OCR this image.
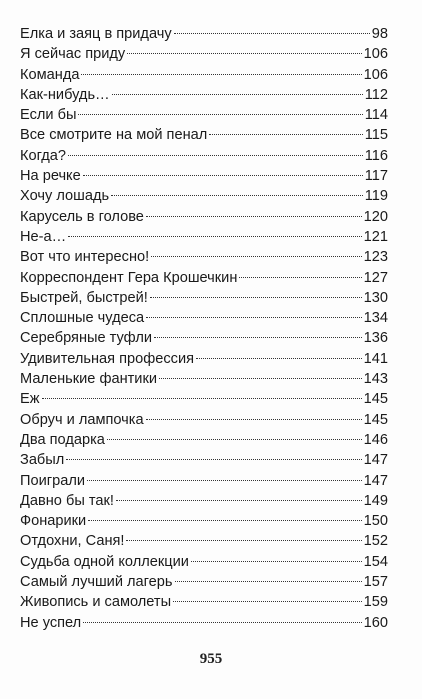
Елка и заяц в придачу	98
Я сейчас приду	106
Команда	106
Как-нибудь…	112
Если бы	114
Все смотрите на мой пенал	115
Когда?	116
На речке	117
Хочу лошадь	119
Карусель в голове	120
Не-а…	121
Вот что интересно!	123
Корреспондент Гера Крошечкин	127
Быстрей, быстрей!	130
Сплошные чудеса	134
Серебряные туфли	136
Удивительная профессия	141
Маленькие фантики	143
Еж	145
Обруч и лампочка	145
Два подарка	146
Забыл	147
Поиграли	147
Давно бы так!	149
Фонарики	150
Отдохни, Саня!	152
Судьба одной коллекции	154
Самый лучший лагерь	157
Живопись и самолеты	159
Не успел	160
955
